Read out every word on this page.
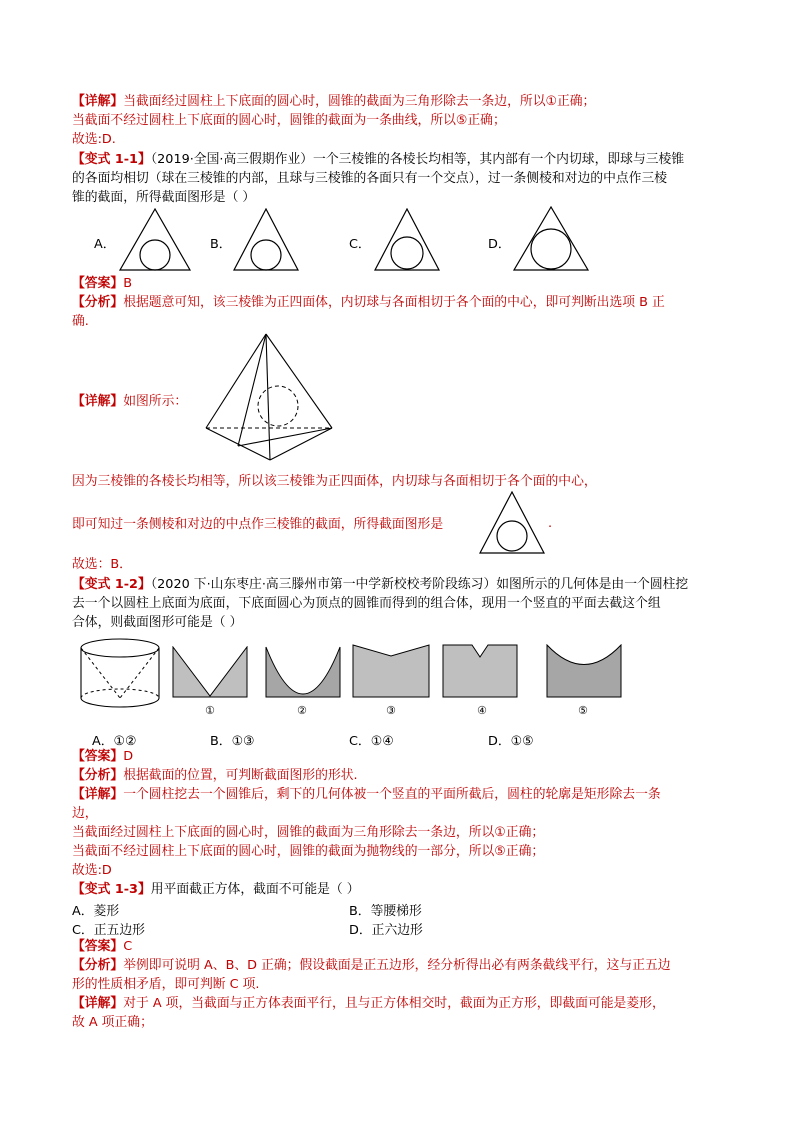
【详解】当截面经过圆柱上下底面的圆心时，圆锥的截面为三角形除去一条边，所以①正确；
当截面不经过圆柱上下底面的圆心时，圆锥的截面为一条曲线，所以⑤正确；
故选:D.
【变式 1-1】（2019·全国·高三假期作业）一个三棱锥的各棱长均相等，其内部有一个内切球，即球与三棱锥
的各面均相切（球在三棱锥的内部，且球与三棱锥的各面只有一个交点），过一条侧棱和对边的中点作三棱
锥的截面，所得截面图形是（ ）
A．	B．	C．	D．
【答案】B
【分析】根据题意可知，该三棱锥为正四面体，内切球与各面相切于各个面的中心，即可判断出选项 B 正
确.
【详解】如图所示：
因为三棱锥的各棱长均相等，所以该三棱锥为正四面体，内切球与各面相切于各个面的中心，
即可知过一条侧棱和对边的中点作三棱锥的截面，所得截面图形是	.
故选：B．
【变式 1-2】（2020 下·山东枣庄·高三滕州市第一中学新校校考阶段练习）如图所示的几何体是由一个圆柱挖
去一个以圆柱上底面为底面，下底面圆心为顶点的圆锥而得到的组合体，现用一个竖直的平面去截这个组
合体，则截面图形可能是（ ）
①	②	③	④	⑤
A．①②	B．①③	C．①④	D．①⑤
【答案】D
【分析】根据截面的位置，可判断截面图形的形状.
【详解】一个圆柱挖去一个圆锥后，剩下的几何体被一个竖直的平面所截后，圆柱的轮廓是矩形除去一条
边，
当截面经过圆柱上下底面的圆心时，圆锥的截面为三角形除去一条边，所以①正确；
当截面不经过圆柱上下底面的圆心时，圆锥的截面为抛物线的一部分，所以⑤正确；
故选:D
【变式 1-3】用平面截正方体，截面不可能是（ ）
A．菱形	B．等腰梯形
C．正五边形	D．正六边形
【答案】C
【分析】举例即可说明 A、B、D 正确；假设截面是正五边形，经分析得出必有两条截线平行，这与正五边
形的性质相矛盾，即可判断 C 项.
【详解】对于 A 项，当截面与正方体表面平行，且与正方体相交时，截面为正方形，即截面可能是菱形，
故 A 项正确；
